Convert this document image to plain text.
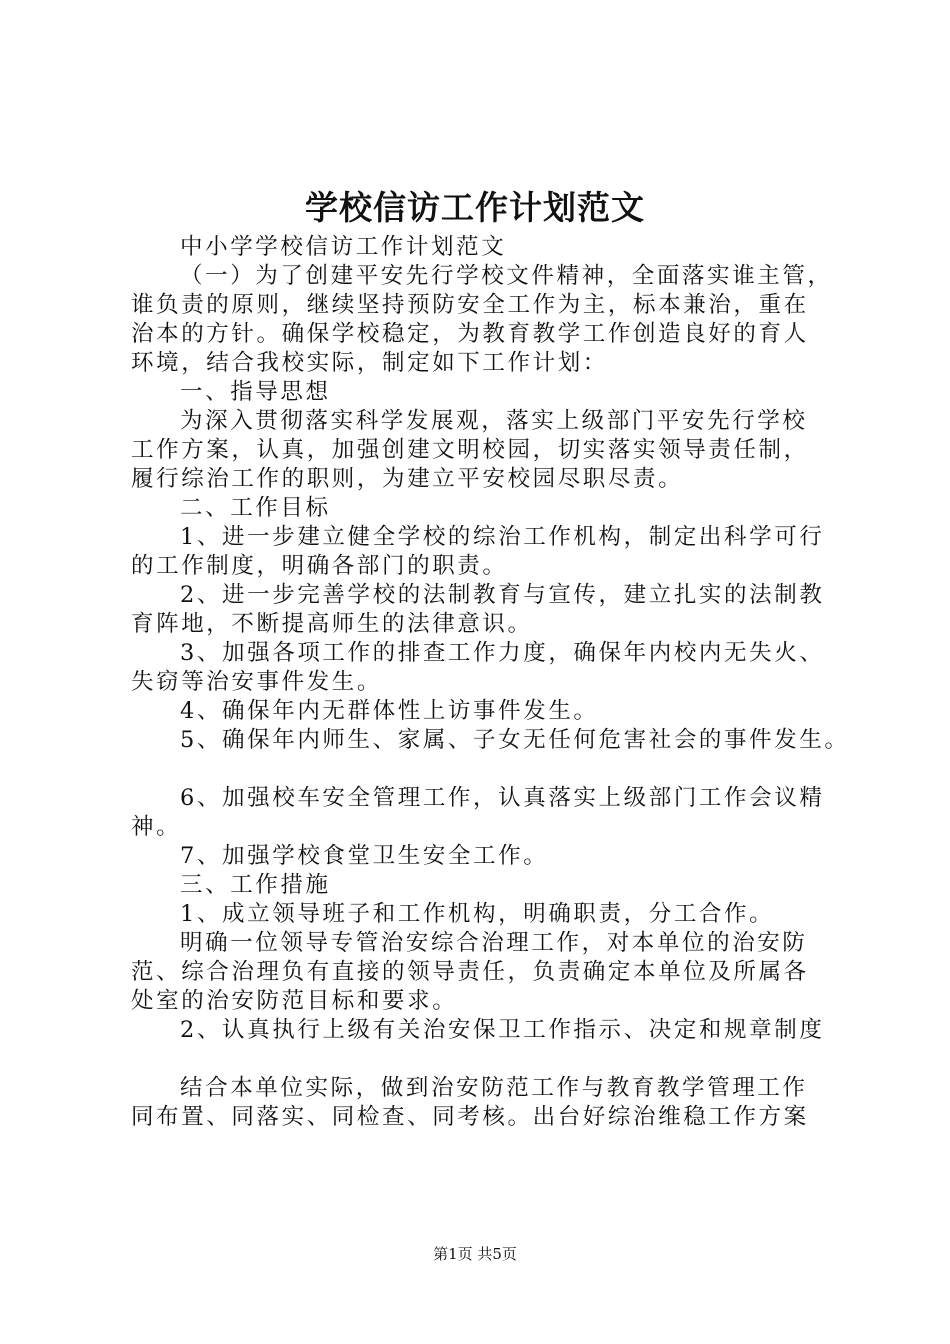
学校信访工作计划范文
中小学学校信访工作计划范文
（一）为了创建平安先行学校文件精神，全面落实谁主管，
谁负责的原则，继续坚持预防安全工作为主，标本兼治，重在
治本的方针。确保学校稳定，为教育教学工作创造良好的育人
环境，结合我校实际，制定如下工作计划：
一、指导思想
为深入贯彻落实科学发展观，落实上级部门平安先行学校
工作方案，认真，加强创建文明校园，切实落实领导责任制，
履行综治工作的职则，为建立平安校园尽职尽责。
二、工作目标
1、进一步建立健全学校的综治工作机构，制定出科学可行
的工作制度，明确各部门的职责。
2、进一步完善学校的法制教育与宣传，建立扎实的法制教
育阵地，不断提高师生的法律意识。
3、加强各项工作的排查工作力度，确保年内校内无失火、
失窃等治安事件发生。
4、确保年内无群体性上访事件发生。
5、确保年内师生、家属、子女无任何危害社会的事件发生。
6、加强校车安全管理工作，认真落实上级部门工作会议精
神。
7、加强学校食堂卫生安全工作。
三、工作措施
1、成立领导班子和工作机构，明确职责，分工合作。
明确一位领导专管治安综合治理工作，对本单位的治安防
范、综合治理负有直接的领导责任，负责确定本单位及所属各
处室的治安防范目标和要求。
2、认真执行上级有关治安保卫工作指示、决定和规章制度
结合本单位实际，做到治安防范工作与教育教学管理工作
同布置、同落实、同检查、同考核。出台好综治维稳工作方案
第1页 共5页
